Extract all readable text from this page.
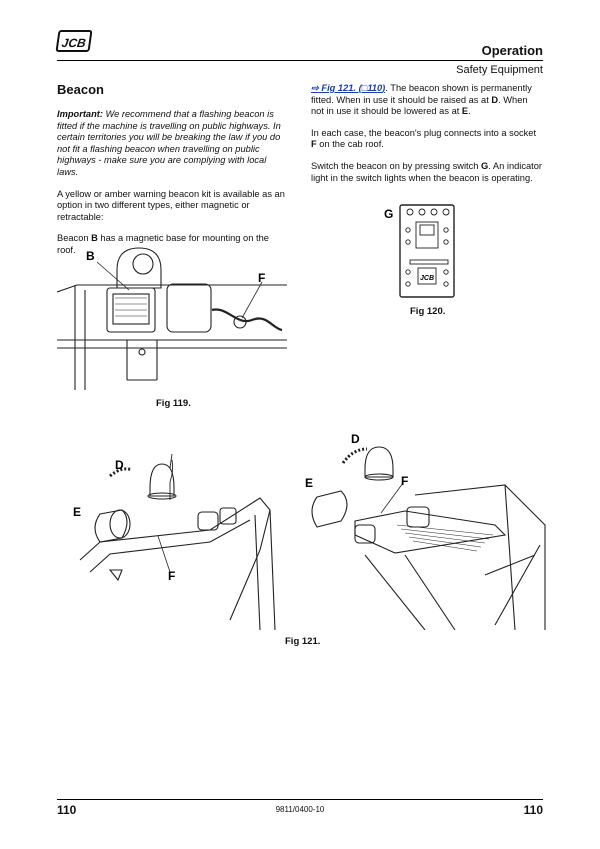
JCB	Operation
Safety Equipment
Beacon

Important: We recommend that a flashing beacon is fitted if the machine is travelling on public highways. In certain territories you will be breaking the law if you do not fit a flashing beacon when travelling on public highways - make sure you are complying with local laws.

A yellow or amber warning beacon kit is available as an option in two different types, either magnetic or retractable:

Beacon B has a magnetic base for mounting on the roof.

⇨ Fig 121. (□110). The beacon shown is permanently fitted. When in use it should be raised as at D. When not in use it should be lowered as at E.

In each case, the beacon's plug connects into a socket F on the cab roof.

Switch the beacon on by pressing switch G. An indicator light in the switch lights when the beacon is operating.

B
F
Fig 119.
G
JCB
Fig 120.
D
E
F
D
E	F
Fig 121.
110	9811/0400-10	110
